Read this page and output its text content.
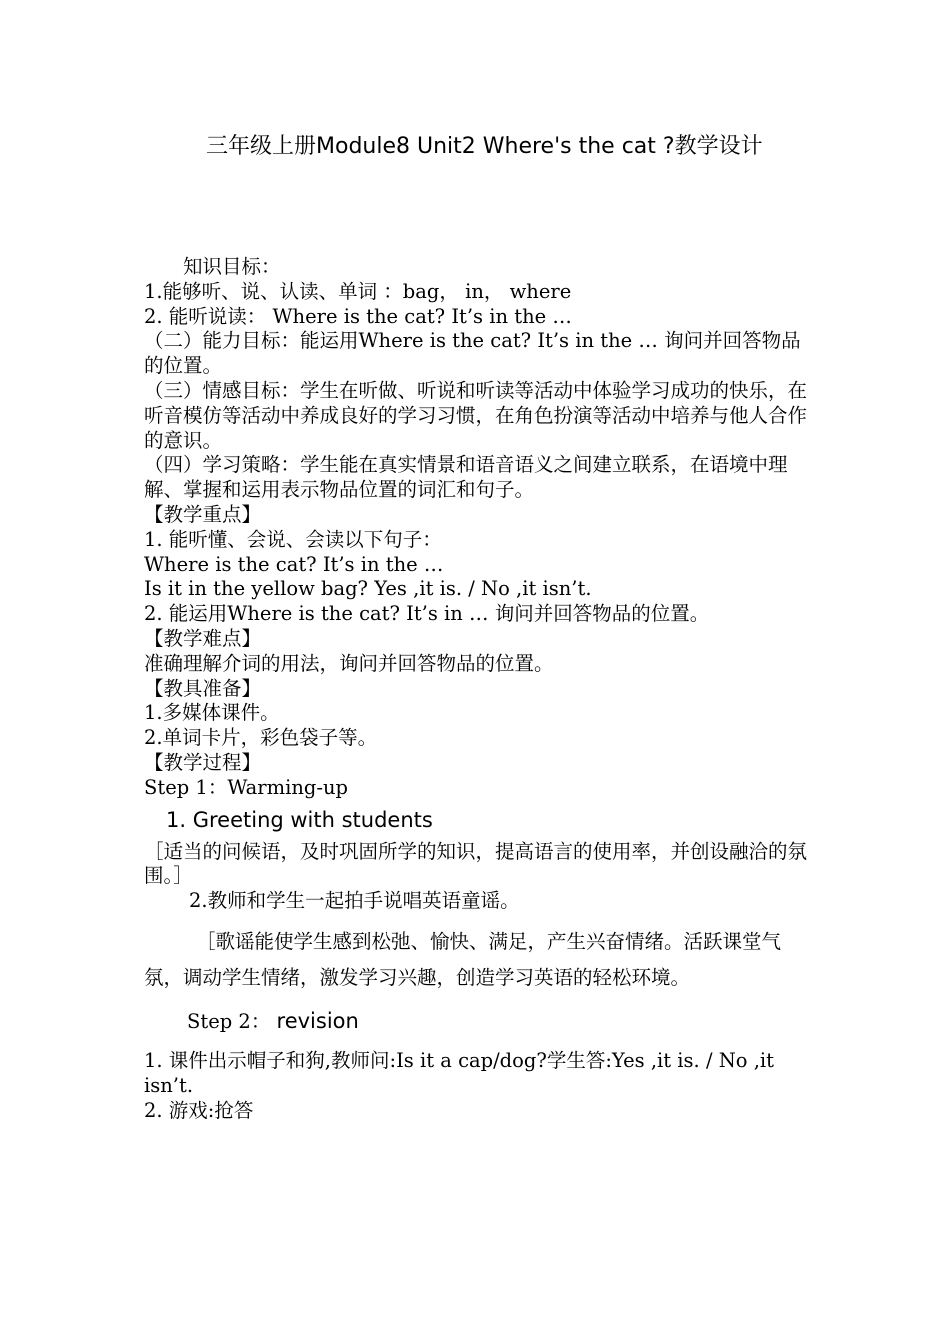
三年级上册Module8 Unit2 Where's the cat ?教学设计

知识目标：

1.能够听、说、认读、单词 ：bag， in， where

2. 能听说读： Where is the cat? It’s in the …

（二）能力目标：能运用Where is the cat? It’s in the … 询问并回答物品的位置。

（三）情感目标：学生在听做、听说和听读等活动中体验学习成功的快乐，在听音模仿等活动中养成良好的学习习惯，在角色扮演等活动中培养与他人合作的意识。

（四）学习策略：学生能在真实情景和语音语义之间建立联系，在语境中理解、掌握和运用表示物品位置的词汇和句子。

【教学重点】

1. 能听懂、会说、会读以下句子：

Where is the cat? It’s in the …

Is it in the yellow bag? Yes ,it is. / No ,it isn’t.

2. 能运用Where is the cat? It’s in … 询问并回答物品的位置。

【教学难点】

准确理解介词的用法，询问并回答物品的位置。

【教具准备】

1.多媒体课件。

2.单词卡片，彩色袋子等。

【教学过程】

Step 1：Warming-up

1. Greeting with students

［适当的问候语，及时巩固所学的知识，提高语言的使用率，并创设融洽的氛围。］

2.教师和学生一起拍手说唱英语童谣。

［歌谣能使学生感到松弛、愉快、满足，产生兴奋情绪。活跃课堂气氛，调动学生情绪，激发学习兴趣，创造学习英语的轻松环境。

Step 2： revision

1. 课件出示帽子和狗,教师问:Is it a cap/dog?学生答:Yes ,it is. / No ,it isn’t.

2. 游戏:抢答
